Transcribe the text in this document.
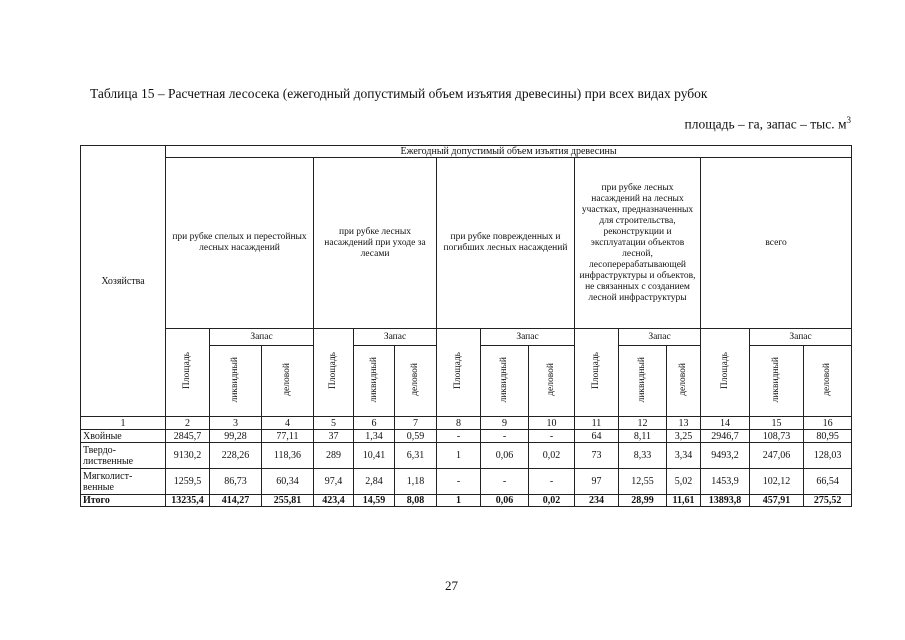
Таблица 15 – Расчетная лесосека (ежегодный допустимый объем изъятия древесины) при всех видах рубок
площадь – га, запас – тыс. $м^3$
Хозяйства	Ежегодный допустимый объем изъятия древесины														
	при рубке спелых и перестойных лесных насаждений			при рубке лесных насаждений при уходе за лесами			при рубке поврежденных и погибших лесных насаждений			при рубке лесных насаждений на лесных участках, предназначенных для строительства, реконструкции и эксплуатации объектов лесной, лесоперерабатывающей инфраструктуры и объектов, не связанных с созданием лесной инфраструктуры			всего		
	Площадь	Запас		Площадь	Запас		Площадь	Запас		Площадь	Запас		Площадь	Запас	
		ликвидный	деловой		ликвидный	деловой		ликвидный	деловой		ликвидный	деловой		ликвидный	деловой
1	2	3	4	5	6	7	8	9	10	11	12	13	14	15	16
Хвойные	2845,7	99,28	77,11	37	1,34	0,59	-	-	-	64	8,11	3,25	2946,7	108,73	80,95
Твердо-лиственные	9130,2	228,26	118,36	289	10,41	6,31	1	0,06	0,02	73	8,33	3,34	9493,2	247,06	128,03
Мягколист-венные	1259,5	86,73	60,34	97,4	2,84	1,18	-	-	-	97	12,55	5,02	1453,9	102,12	66,54
Итого	13235,4	414,27	255,81	423,4	14,59	8,08	1	0,06	0,02	234	28,99	11,61	13893,8	457,91	275,52
27
